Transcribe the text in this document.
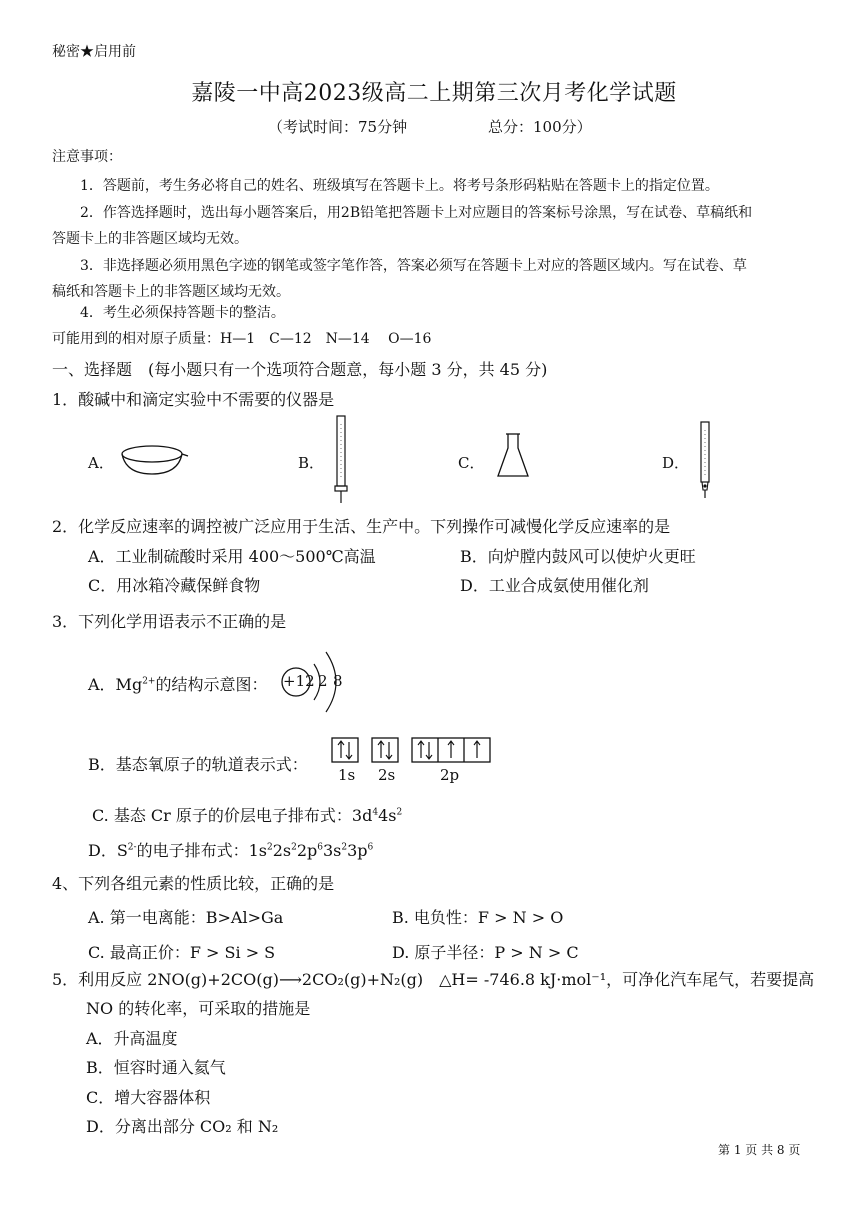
秘密★启用前
嘉陵一中高2023级高二上期第三次月考化学试题
（考试时间：75分钟	总分：100分）
注意事项：
1．答题前，考生务必将自己的姓名、班级填写在答题卡上。将考号条形码粘贴在答题卡上的指定位置。
2．作答选择题时，选出每小题答案后，用2B铅笔把答题卡上对应题目的答案标号涂黑，写在试卷、草稿纸和
答题卡上的非答题区域均无效。
3．非选择题必须用黑色字迹的钢笔或签字笔作答，答案必须写在答题卡上对应的答题区域内。写在试卷、草
稿纸和答题卡上的非答题区域均无效。
4．考生必须保持答题卡的整洁。
可能用到的相对原子质量：H—1　C—12　N—14　 O—16
一、选择题　(每小题只有一个选项符合题意，每小题 3 分，共 45 分)
1．酸碱中和滴定实验中不需要的仪器是
A．	B．	C．	D．
2．化学反应速率的调控被广泛应用于生活、生产中。下列操作可减慢化学反应速率的是
A．工业制硫酸时采用 400～500℃高温	B．向炉膛内鼓风可以使炉火更旺
C．用冰箱冷藏保鲜食物	D．工业合成氨使用催化剂
3．下列化学用语表示不正确的是
A．$Mg^{2+}$的结构示意图： +12 2 8
B．基态氧原子的轨道表示式：
1s 2s	2p
C. 基态 Cr 原子的价层电子排布式：$3d^44s^2$
D．$S^{2-}$的电子排布式：$1s^22s^22p^63s^23p^6$
4、下列各组元素的性质比较，正确的是
A. 第一电离能：B>Al>Ga	B. 电负性：F > N > O
C. 最高正价：F > Si > S	D. 原子半径：P > N > C
5．利用反应 2NO(g)+2CO(g)⟶2CO₂(g)+N₂(g)　△H= -746.8 kJ·mol⁻¹，可净化汽车尾气，若要提高
NO 的转化率，可采取的措施是
A．升高温度
B．恒容时通入氦气
C．增大容器体积
D．分离出部分 CO₂ 和 N₂
第 1 页 共 8 页
